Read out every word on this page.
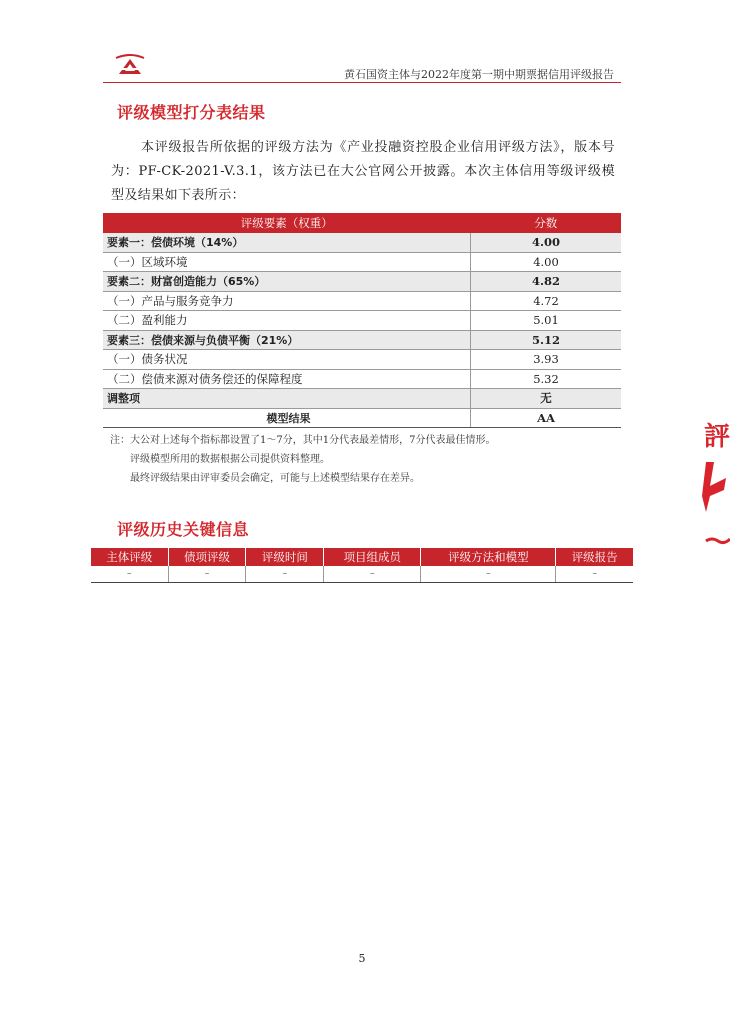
黄石国资主体与2022年度第一期中期票据信用评级报告
评级模型打分表结果
本评级报告所依据的评级方法为《产业投融资控股企业信用评级方法》，版本号为：PF-CK-2021-V.3.1，该方法已在大公官网公开披露。本次主体信用等级评级模型及结果如下表所示：
评级要素（权重）	分数
要素一：偿债环境（14%）	4.00
（一）区域环境	4.00
要素二：财富创造能力（65%）	4.82
（一）产品与服务竞争力	4.72
（二）盈利能力	5.01
要素三：偿债来源与负债平衡（21%）	5.12
（一）债务状况	3.93
（二）偿债来源对债务偿还的保障程度	5.32
调整项	无
模型结果	AA
注：大公对上述每个指标都设置了1～7分，其中1分代表最差情形，7分代表最佳情形。
评级模型所用的数据根据公司提供资料整理。
最终评级结果由评审委员会确定，可能与上述模型结果存在差异。
评级历史关键信息
主体评级	债项评级	评级时间	项目组成员	评级方法和模型	评级报告
–	–	–	–	–	–
評
5
